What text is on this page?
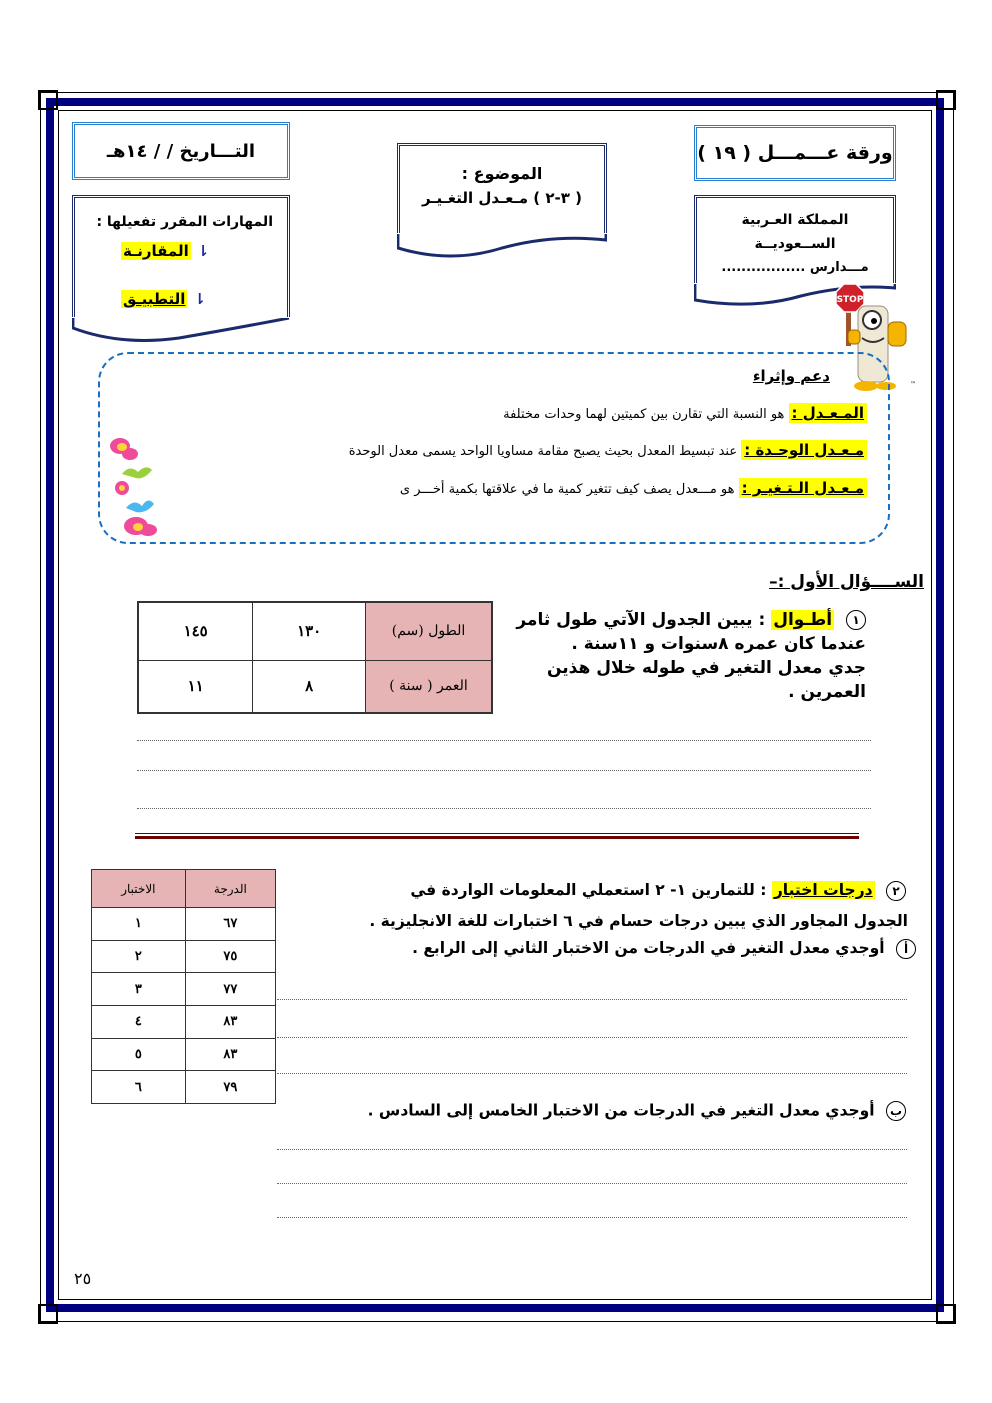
ورقة عـــمـــل ( ١٩ )
التـــاريخ / / ١٤هـ
الموضوع :
( ٣-٢ ) مـعـدل التغـيـر
المملكة العـربية
الســعوديــة
مـــدارس .................
المهارات المقرر تفعيلها :
⇂المقارنـة
⇂التطبيـق	STOP
™
دعم وإثراء
المـعـدل : هو النسبة التي تقارن بين كميتين لهما وحدات مختلفة
مـعـدل الوحـدة : عند تبسيط المعدل بحيث يصبح مقامة مساويا الواحد يسمى معدل الوحدة
مـعـدل الـتـغيـر : هو مـــعدل يصف كيف تتغير كمية ما في علاقتها بكمية أخـــر ى
الســــؤال الأول :–
١ أطـوال : يبين الجدول الآتي طول ثامر
عندما كان عمره ٨سنوات و ١١سنة .
جدي معدل التغير في طوله خلال هذين
العمرين .
الطول (سم)	١٣٠	١٤٥
العمر ( سنة )	٨	١١
٢ درجات اختبار : للتمارين ١- ٢ استعملي المعلومات الواردة في
الجدول المجاور الذي يبين درجات حسام في ٦ اختبارات للغة الانجليزية .
أ أوجدي معدل التغير في الدرجات من الاختبار الثاني إلى الرابع .
الدرجة	الاختبار
٦٧	١
٧٥	٢
٧٧	٣
٨٣	٤
٨٣	٥
٧٩	٦
ب أوجدي معدل التغير في الدرجات من الاختبار الخامس إلى السادس .
٢٥
